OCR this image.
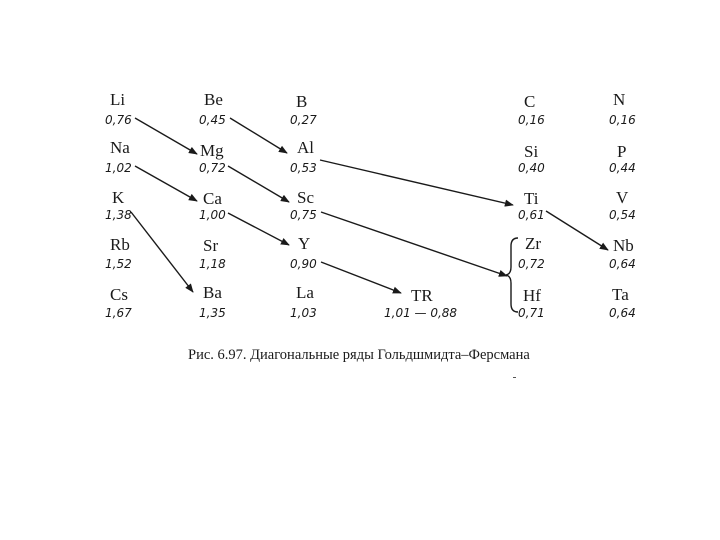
Li
0,76
Be
0,45
B
0,27
C
0,16
N
0,16
Na
1,02
Mg
0,72
Al
0,53
Si
0,40
P
0,44
K
1,38
Ca
1,00
Sc
0,75
Ti
0,61
V
0,54
Rb
1,52
Sr
1,18
Y
0,90
Zr
0,72
Nb
0,64
Cs
1,67
Ba
1,35
La
1,03
TR
1,01 — 0,88
Hf
0,71
Ta
0,64
Рис. 6.97. Диагональные ряды Гольдшмидта–Ферсмана
